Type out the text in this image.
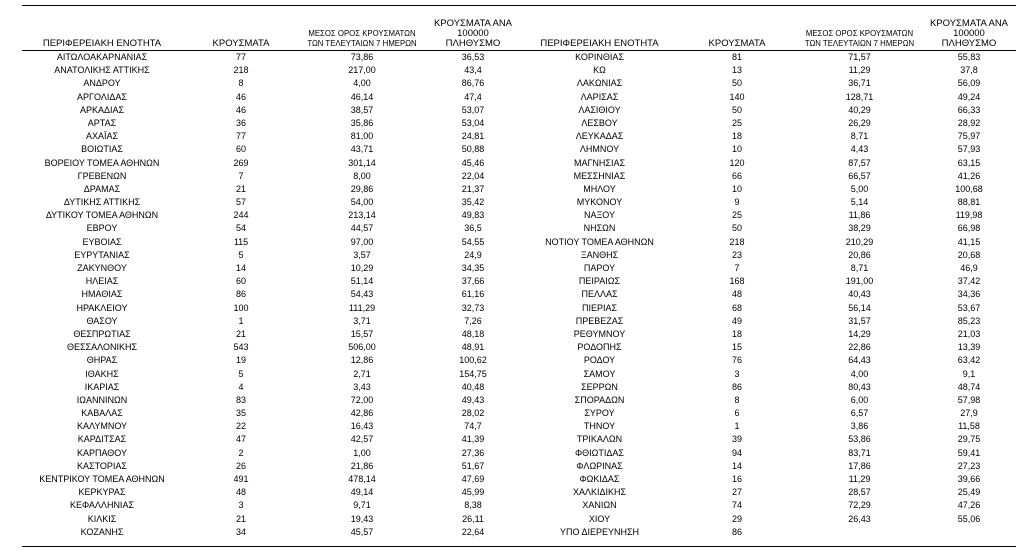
ΠΕΡΙΦΕΡΕΙΑΚΗ ΕΝΟΤΗΤΑ	ΚΡΟΥΣΜΑΤΑ
ΜΕΣΟΣ ΟΡΟΣ ΚΡΟΥΣΜΑΤΩΝ
ΤΩΝ ΤΕΛΕΥΤΑΙΩΝ 7 ΗΜΕΡΩΝ
ΚΡΟΥΣΜΑΤΑ ΑΝΑ 100000
ΠΛΗΘΥΣΜΟ
ΑΙΤΩΛΟΑΚΑΡΝΑΝΙΑΣ	77	73,86	36,53
ΑΝΑΤΟΛΙΚΗΣ ΑΤΤΙΚΗΣ	218	217,00	43,4
ΑΝΔΡΟΥ	8	4,00	86,76
ΑΡΓΟΛΙΔΑΣ	46	46,14	47,4
ΑΡΚΑΔΙΑΣ	46	38,57	53,07
ΑΡΤΑΣ	36	35,86	53,04
ΑΧΑΪΑΣ	77	81,00	24,81
ΒΟΙΩΤΙΑΣ	60	43,71	50,88
ΒΟΡΕΙΟΥ ΤΟΜΕΑ ΑΘΗΝΩΝ	269	301,14	45,46
ΓΡΕΒΕΝΩΝ	7	8,00	22,04
ΔΡΑΜΑΣ	21	29,86	21,37
ΔΥΤΙΚΗΣ ΑΤΤΙΚΗΣ	57	54,00	35,42
ΔΥΤΙΚΟΥ ΤΟΜΕΑ ΑΘΗΝΩΝ	244	213,14	49,83
ΕΒΡΟΥ	54	44,57	36,5
ΕΥΒΟΙΑΣ	115	97,00	54,55
ΕΥΡΥΤΑΝΙΑΣ	5	3,57	24,9
ΖΑΚΥΝΘΟΥ	14	10,29	34,35
ΗΛΕΙΑΣ	60	51,14	37,66
ΗΜΑΘΙΑΣ	86	54,43	61,16
ΗΡΑΚΛΕΙΟΥ	100	111,29	32,73
ΘΑΣΟΥ	1	3,71	7,26
ΘΕΣΠΡΩΤΙΑΣ	21	15,57	48,18
ΘΕΣΣΑΛΟΝΙΚΗΣ	543	506,00	48,91
ΘΗΡΑΣ	19	12,86	100,62
ΙΘΑΚΗΣ	5	2,71	154,75
ΙΚΑΡΙΑΣ	4	3,43	40,48
ΙΩΑΝΝΙΝΩΝ	83	72,00	49,43
ΚΑΒΑΛΑΣ	35	42,86	28,02
ΚΑΛΥΜΝΟΥ	22	16,43	74,7
ΚΑΡΔΙΤΣΑΣ	47	42,57	41,39
ΚΑΡΠΑΘΟΥ	2	1,00	27,36
ΚΑΣΤΟΡΙΑΣ	26	21,86	51,67
ΚΕΝΤΡΙΚΟΥ ΤΟΜΕΑ ΑΘΗΝΩΝ	491	478,14	47,69
ΚΕΡΚΥΡΑΣ	48	49,14	45,99
ΚΕΦΑΛΛΗΝΙΑΣ	3	9,71	8,38
ΚΙΛΚΙΣ	21	19,43	26,11
ΚΟΖΑΝΗΣ	34	45,57	22,64
ΠΕΡΙΦΕΡΕΙΑΚΗ ΕΝΟΤΗΤΑ	ΚΡΟΥΣΜΑΤΑ
ΜΕΣΟΣ ΟΡΟΣ ΚΡΟΥΣΜΑΤΩΝ
ΤΩΝ ΤΕΛΕΥΤΑΙΩΝ 7 ΗΜΕΡΩΝ
ΚΡΟΥΣΜΑΤΑ ΑΝΑ 100000
ΠΛΗΘΥΣΜΟ
ΚΟΡΙΝΘΙΑΣ	81	71,57	55,83
ΚΩ	13	11,29	37,8
ΛΑΚΩΝΙΑΣ	50	36,71	56,09
ΛΑΡΙΣΑΣ	140	128,71	49,24
ΛΑΣΙΘΙΟΥ	50	40,29	66,33
ΛΕΣΒΟΥ	25	26,29	28,92
ΛΕΥΚΑΔΑΣ	18	8,71	75,97
ΛΗΜΝΟΥ	10	4,43	57,93
ΜΑΓΝΗΣΙΑΣ	120	87,57	63,15
ΜΕΣΣΗΝΙΑΣ	66	66,57	41,26
ΜΗΛΟΥ	10	5,00	100,68
ΜΥΚΟΝΟΥ	9	5,14	88,81
ΝΑΞΟΥ	25	11,86	119,98
ΝΗΣΩΝ	50	38,29	66,98
ΝΟΤΙΟΥ ΤΟΜΕΑ ΑΘΗΝΩΝ	218	210,29	41,15
ΞΑΝΘΗΣ	23	20,86	20,68
ΠΑΡΟΥ	7	8,71	46,9
ΠΕΙΡΑΙΩΣ	168	191,00	37,42
ΠΕΛΛΑΣ	48	40,43	34,36
ΠΙΕΡΙΑΣ	68	56,14	53,67
ΠΡΕΒΕΖΑΣ	49	31,57	85,23
ΡΕΘΥΜΝΟΥ	18	14,29	21,03
ΡΟΔΟΠΗΣ	15	22,86	13,39
ΡΟΔΟΥ	76	64,43	63,42
ΣΑΜΟΥ	3	4,00	9,1
ΣΕΡΡΩΝ	86	80,43	48,74
ΣΠΟΡΑΔΩΝ	8	6,00	57,98
ΣΥΡΟΥ	6	6,57	27,9
ΤΗΝΟΥ	1	3,86	11,58
ΤΡΙΚΑΛΩΝ	39	53,86	29,75
ΦΘΙΩΤΙΔΑΣ	94	83,71	59,41
ΦΛΩΡΙΝΑΣ	14	17,86	27,23
ΦΩΚΙΔΑΣ	16	11,29	39,66
ΧΑΛΚΙΔΙΚΗΣ	27	28,57	25,49
ΧΑΝΙΩΝ	74	72,29	47,26
ΧΙΟΥ	29	26,43	55,06
ΥΠΟ ΔΙΕΡΕΥΝΗΣΗ	86
